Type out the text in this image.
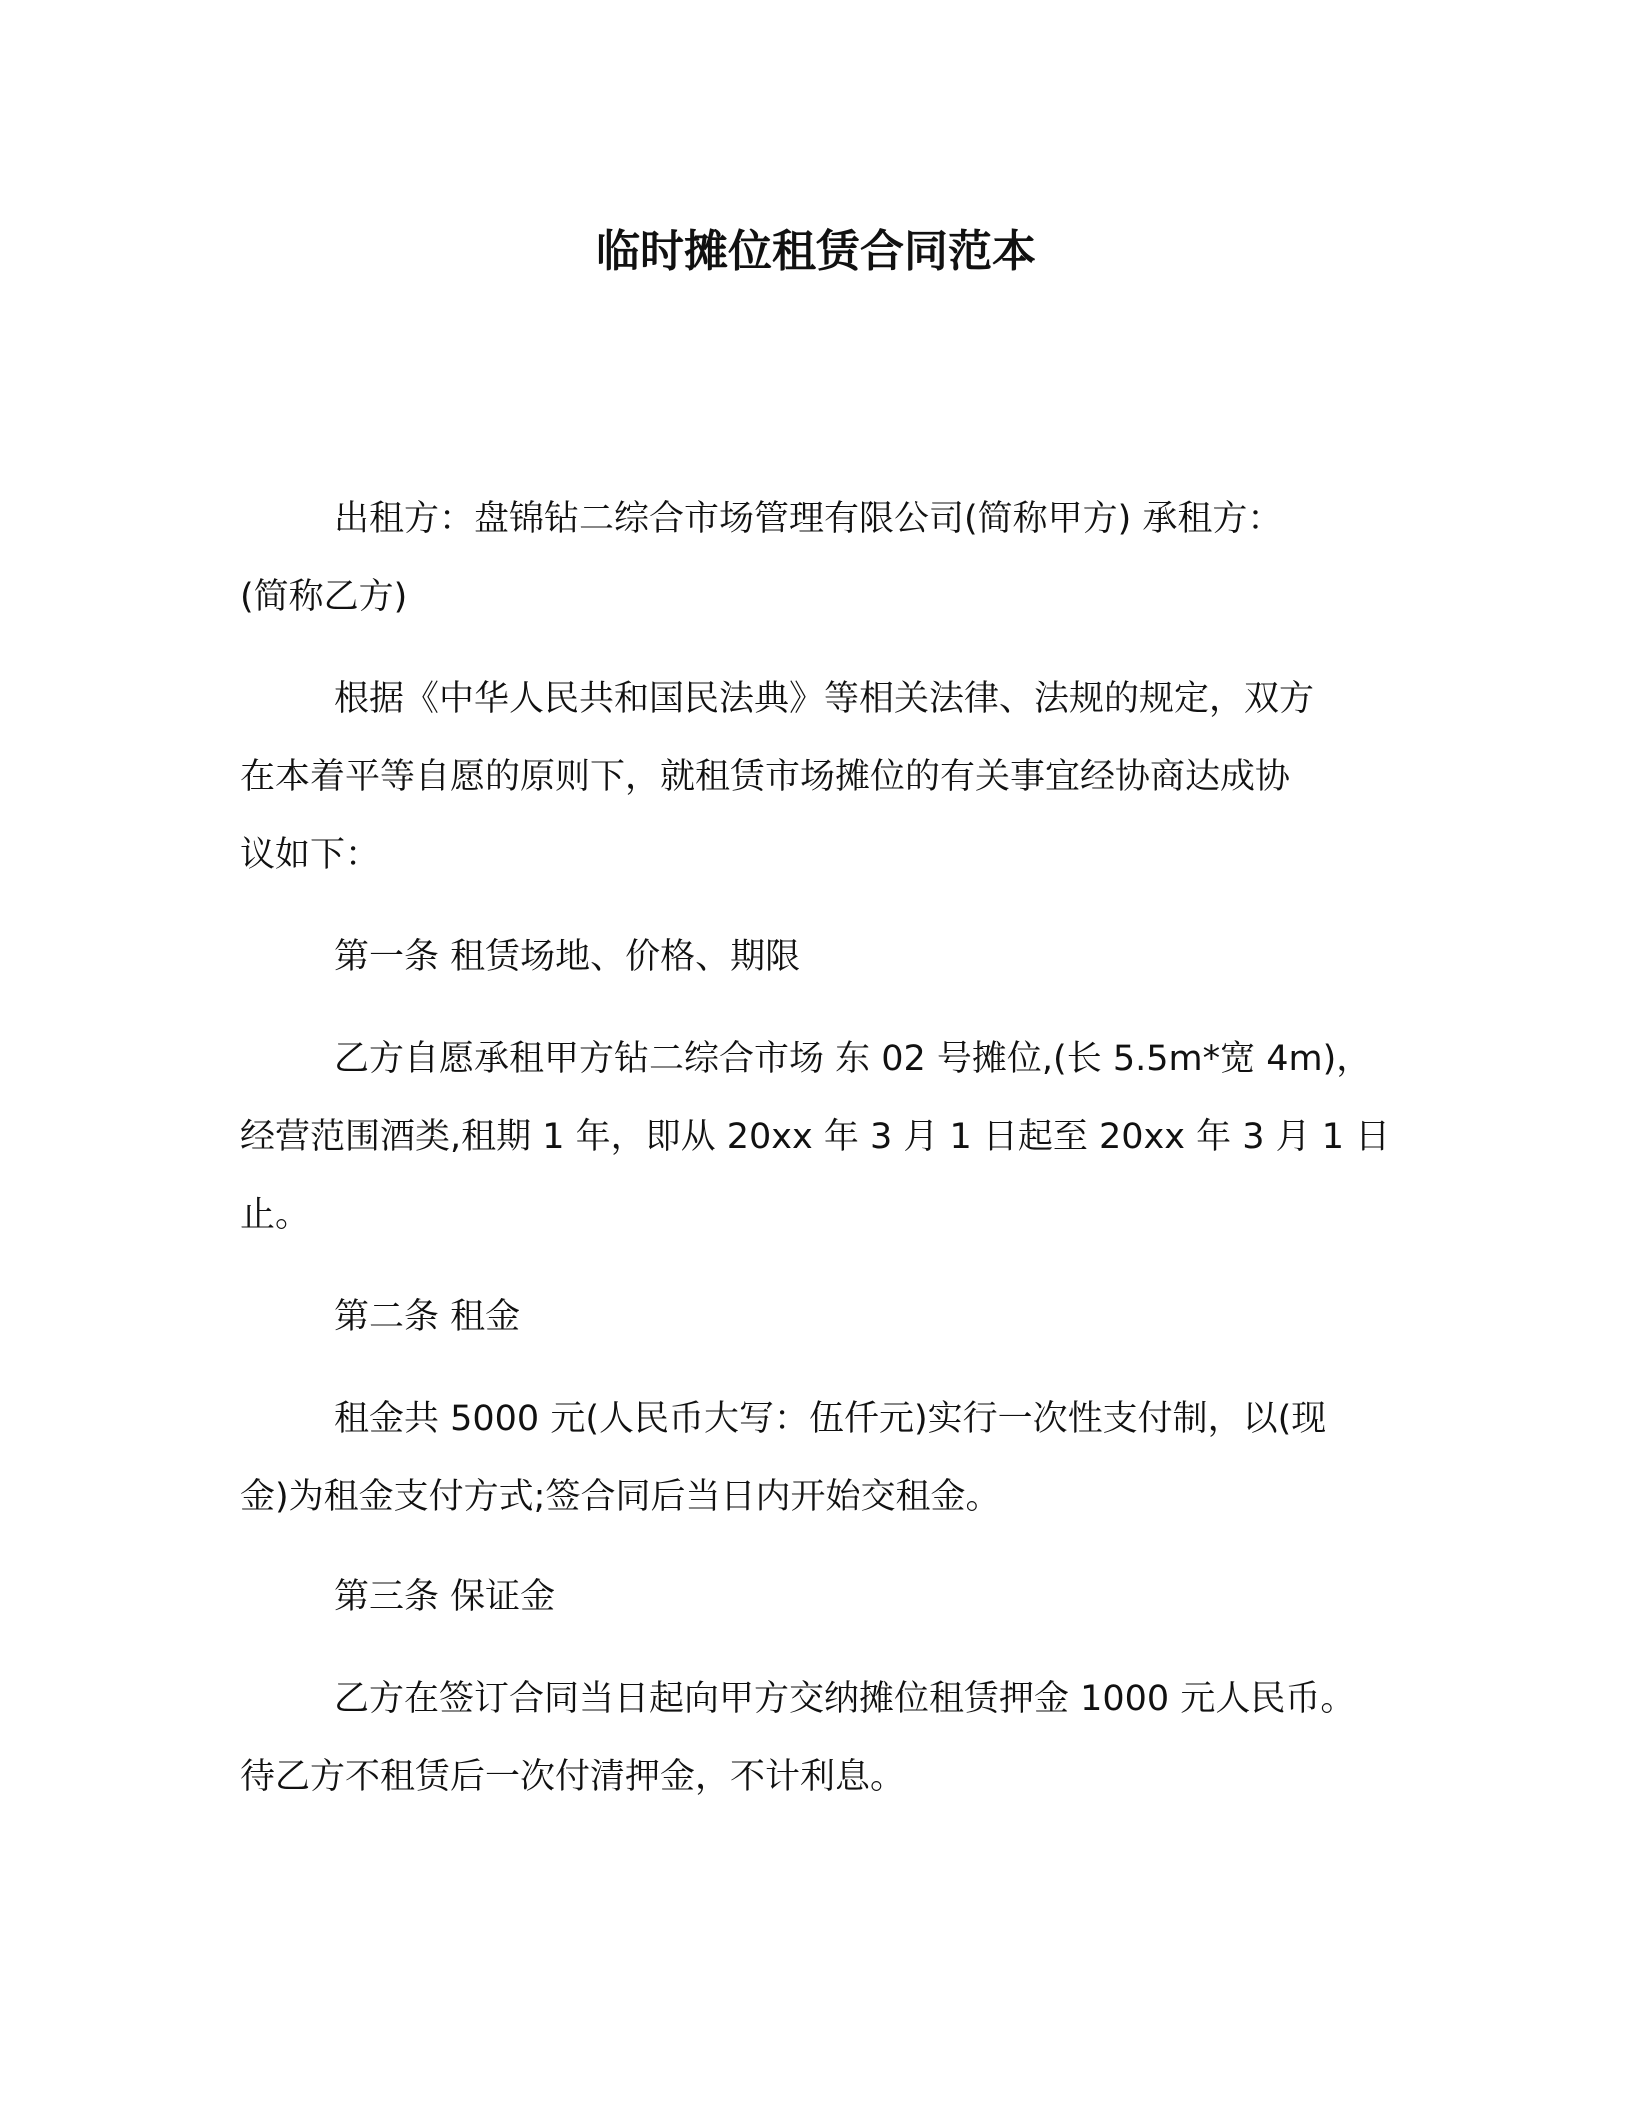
临时摊位租赁合同范本
出租方：盘锦钻二综合市场管理有限公司(简称甲方) 承租方：
(简称乙方)
根据《中华人民共和国民法典》等相关法律、法规的规定，双方
在本着平等自愿的原则下，就租赁市场摊位的有关事宜经协商达成协
议如下：
第一条 租赁场地、价格、期限
乙方自愿承租甲方钻二综合市场 东 02 号摊位,(长 5.5m*宽 4m)，
经营范围酒类,租期 1 年，即从 20xx 年 3 月 1 日起至 20xx 年 3 月 1 日
止。
第二条 租金
租金共 5000 元(人民币大写：伍仟元)实行一次性支付制，以(现
金)为租金支付方式;签合同后当日内开始交租金。
第三条 保证金
乙方在签订合同当日起向甲方交纳摊位租赁押金 1000 元人民币。
待乙方不租赁后一次付清押金，不计利息。
